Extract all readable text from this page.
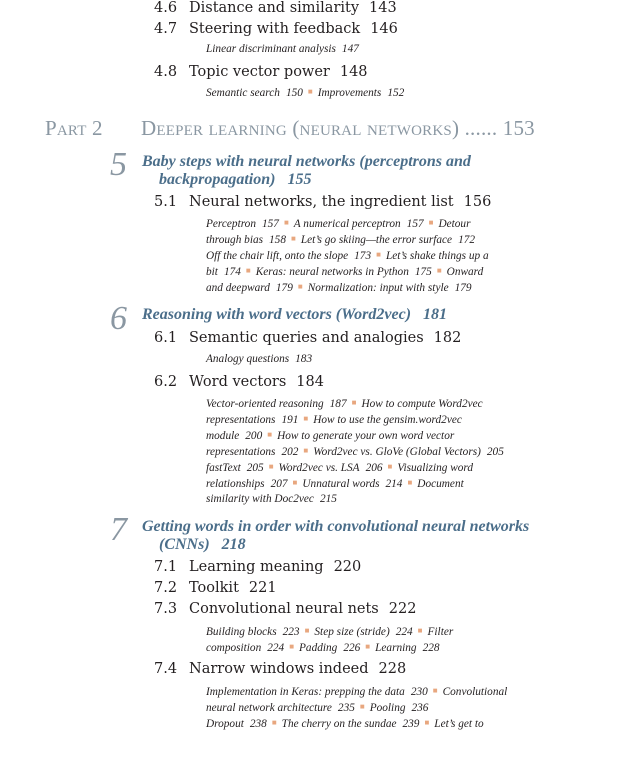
4.6 Distance and similarity 143
4.7 Steering with feedback 146
Linear discriminant analysis 147
4.8 Topic vector power 148
Semantic search 150 ■ Improvements 152
Part 2 Deeper learning (neural networks) ...... 153
5 Baby steps with neural networks (perceptrons and
backpropagation) 155
5.1 Neural networks, the ingredient list 156
Perceptron 157 ■ A numerical perceptron 157 ■ Detour
through bias 158 ■ Let’s go skiing—the error surface 172
Off the chair lift, onto the slope 173 ■ Let’s shake things up a
bit 174 ■ Keras: neural networks in Python 175 ■ Onward
and deepward 179 ■ Normalization: input with style 179
6 Reasoning with word vectors (Word2vec) 181
6.1 Semantic queries and analogies 182
Analogy questions 183
6.2 Word vectors 184
Vector-oriented reasoning 187 ■ How to compute Word2vec
representations 191 ■ How to use the gensim.word2vec
module 200 ■ How to generate your own word vector
representations 202 ■ Word2vec vs. GloVe (Global Vectors) 205
fastText 205 ■ Word2vec vs. LSA 206 ■ Visualizing word
relationships 207 ■ Unnatural words 214 ■ Document
similarity with Doc2vec 215
7 Getting words in order with convolutional neural networks
(CNNs) 218
7.1 Learning meaning 220
7.2 Toolkit 221
7.3 Convolutional neural nets 222
Building blocks 223 ■ Step size (stride) 224 ■ Filter
composition 224 ■ Padding 226 ■ Learning 228
7.4 Narrow windows indeed 228
Implementation in Keras: prepping the data 230 ■ Convolutional
neural network architecture 235 ■ Pooling 236
Dropout 238 ■ The cherry on the sundae 239 ■ Let’s get to
